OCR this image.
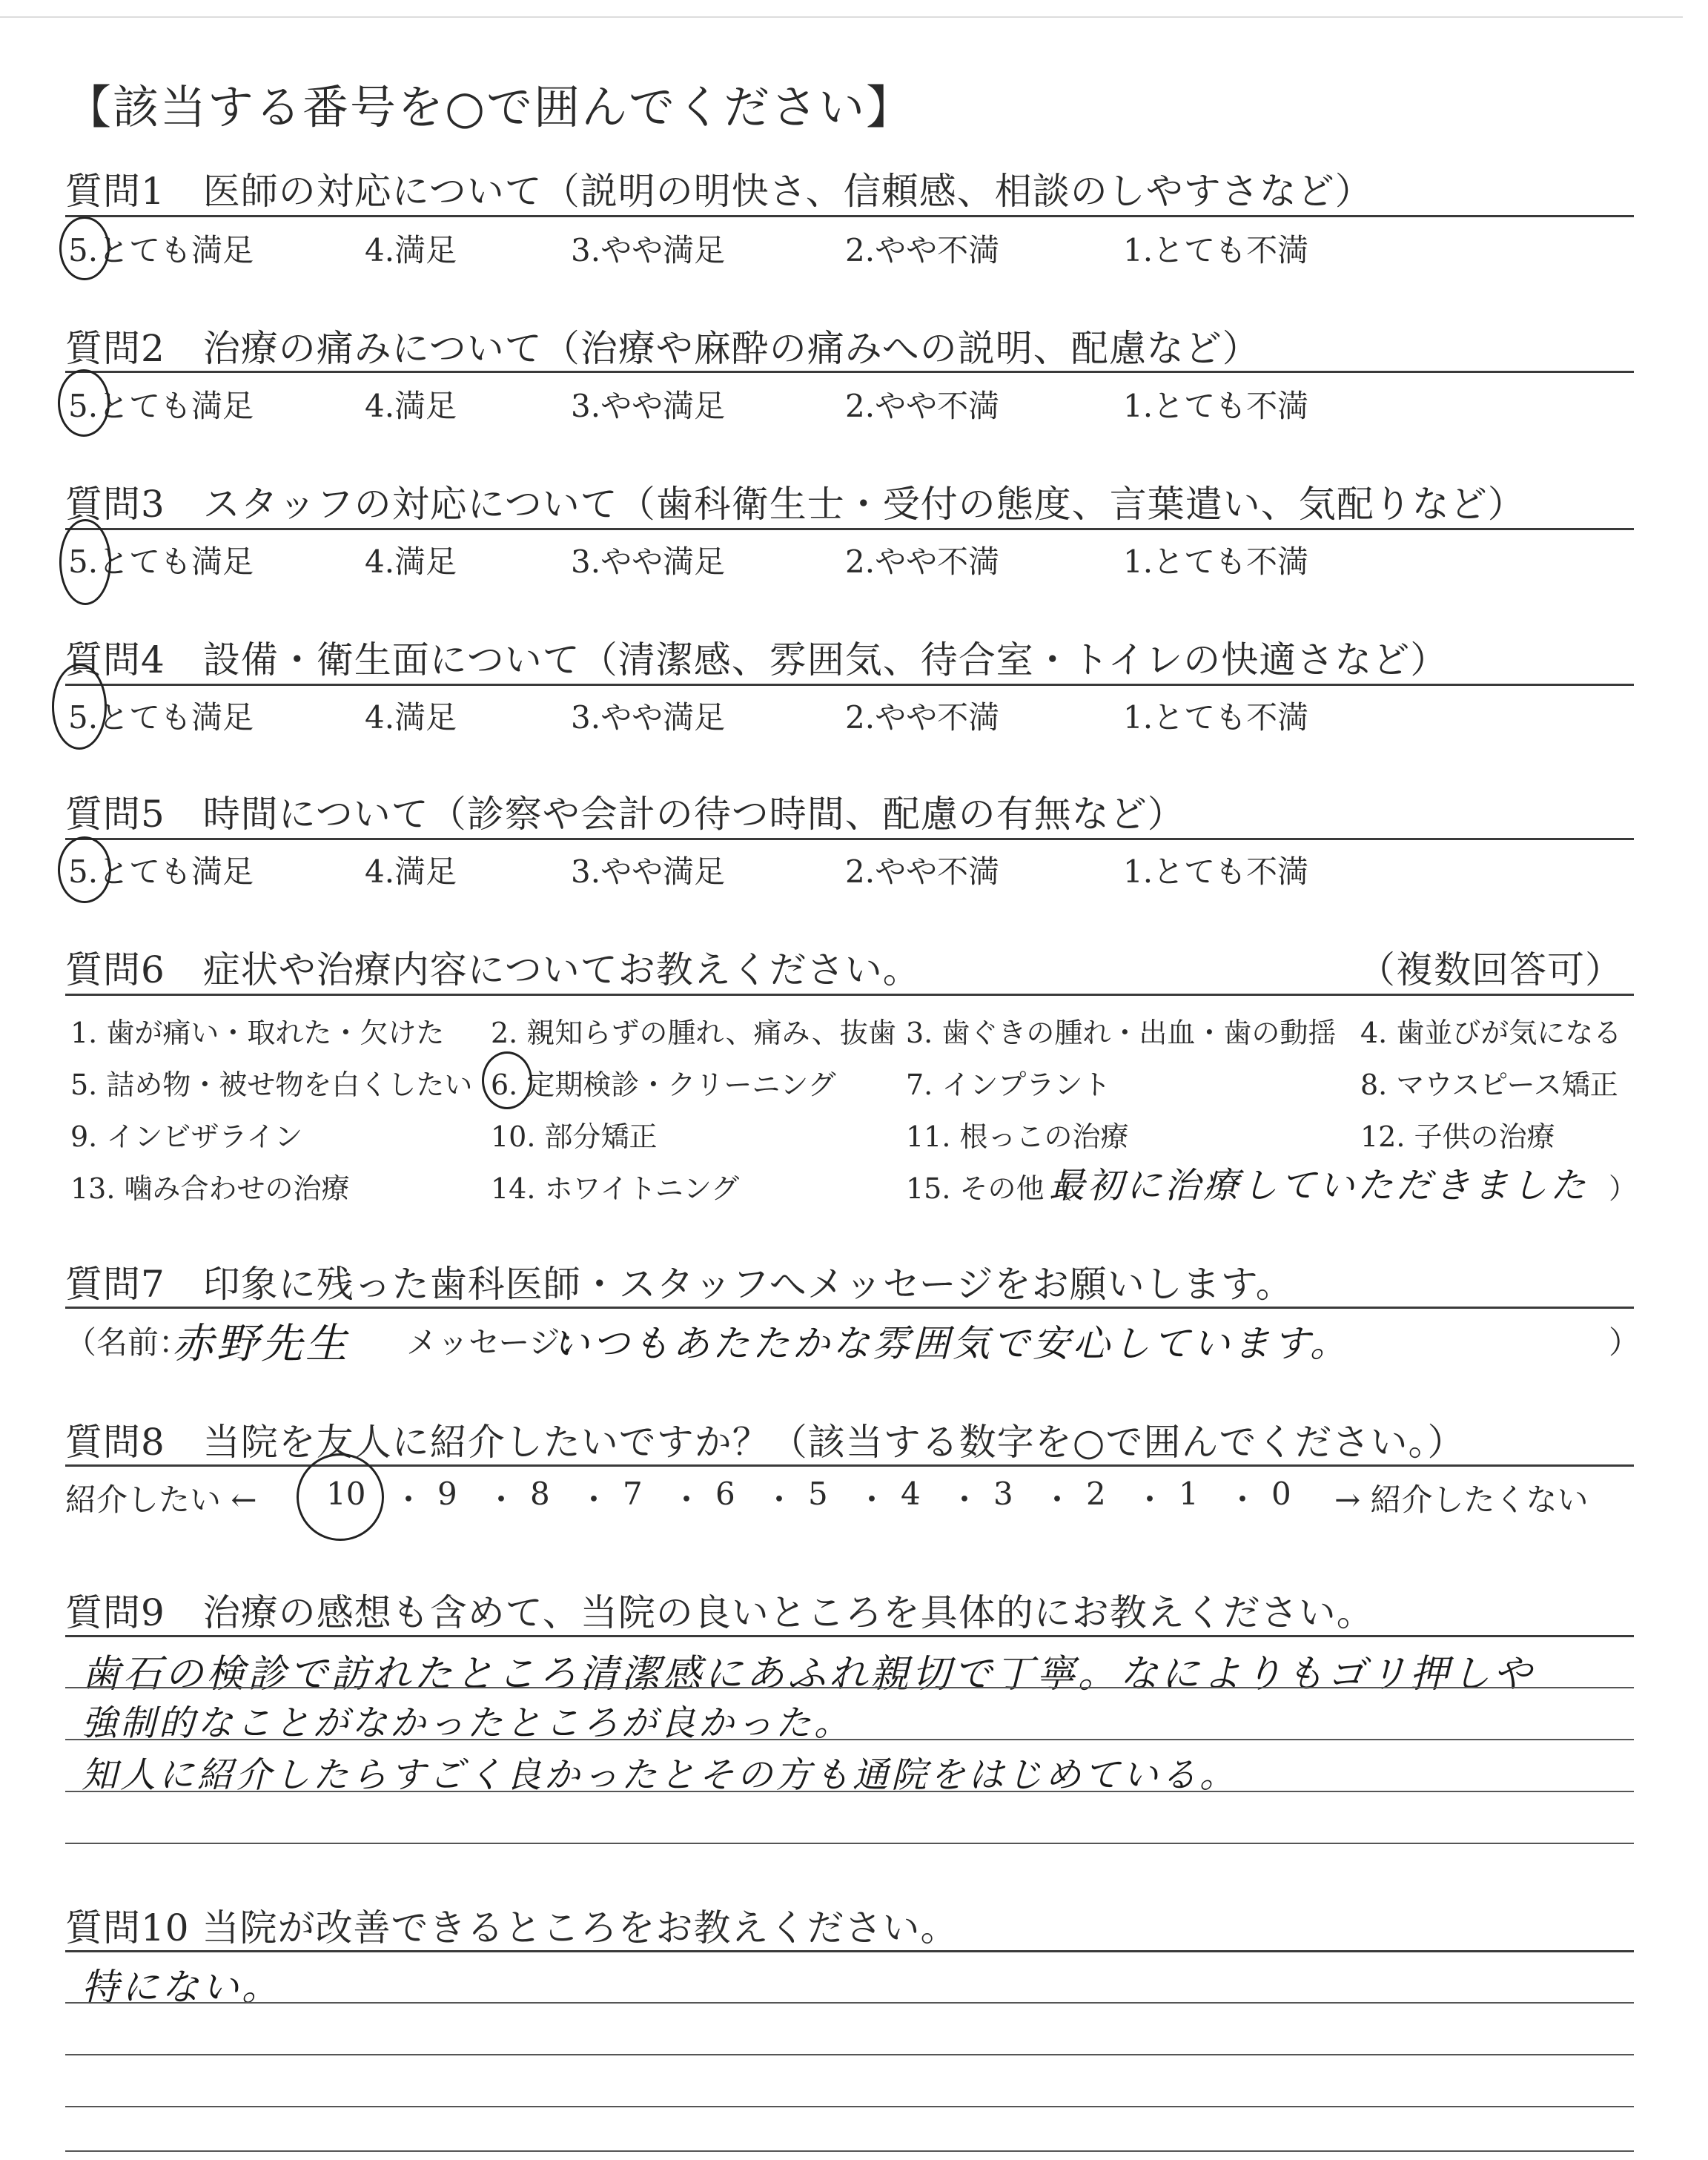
【該当する番号を○で囲んでください】
質問1　医師の対応について（説明の明快さ、信頼感、相談のしやすさなど）
5.とても満足	4.満足	3.やや満足	2.やや不満	1.とても不満
質問2　治療の痛みについて（治療や麻酔の痛みへの説明、配慮など）
5.とても満足	4.満足	3.やや満足	2.やや不満	1.とても不満
質問3　スタッフの対応について（歯科衛生士・受付の態度、言葉遣い、気配りなど）
5.とても満足	4.満足	3.やや満足	2.やや不満	1.とても不満
質問4　設備・衛生面について（清潔感、雰囲気、待合室・トイレの快適さなど）
5.とても満足	4.満足	3.やや満足	2.やや不満	1.とても不満
質問5　時間について（診察や会計の待つ時間、配慮の有無など）
5.とても満足	4.満足	3.やや満足	2.やや不満	1.とても不満
質問6　症状や治療内容についてお教えください。	（複数回答可）
1. 歯が痛い・取れた・欠けた 2. 親知らずの腫れ、痛み、抜歯 3. 歯ぐきの腫れ・出血・歯の動揺 4. 歯並びが気になる
5. 詰め物・被せ物を白くしたい 6. 定期検診・クリーニング 7. インプラント	8. マウスピース矯正
9. インビザライン	10. 部分矯正	11. 根っこの治療	12. 子供の治療
13. 噛み合わせの治療	14. ホワイトニング	15. その他（
最初に治療していただきました ）
質問7　印象に残った歯科医師・スタッフへメッセージをお願いします。
（名前：
赤野先生 メッセージ：
いつもあたたかな雰囲気で安心しています。	）
質問8　当院を友人に紹介したいですか？（該当する数字を○で囲んでください。）
紹介したい ← 10 ・ 9 ・ 8 ・ 7 ・ 6 ・ 5 ・ 4 ・ 3 ・ 2 ・ 1 ・ 0 → 紹介したくない
質問9　治療の感想も含めて、当院の良いところを具体的にお教えください。
歯石の検診で訪れたところ清潔感にあふれ親切で丁寧。なによりもゴリ押しや
強制的なことがなかったところが良かった。
知人に紹介したらすごく良かったとその方も通院をはじめている。
質問10 当院が改善できるところをお教えください。
特にない。
